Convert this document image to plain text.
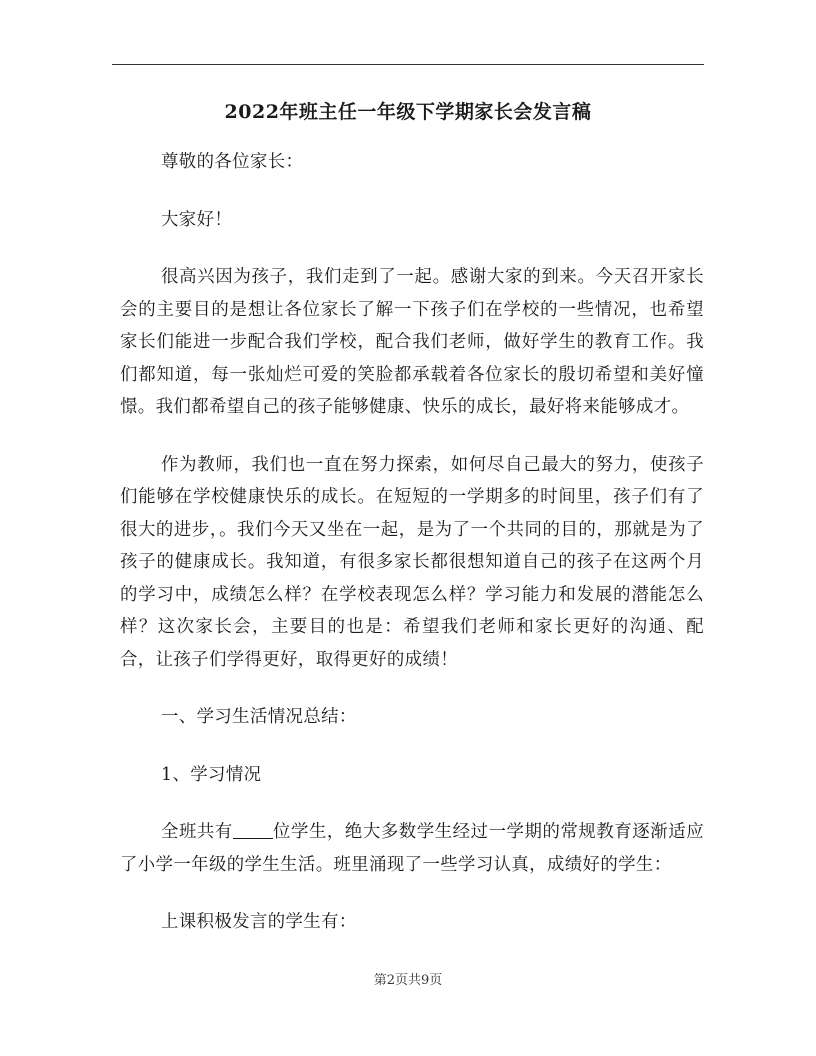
2022年班主任一年级下学期家长会发言稿

尊敬的各位家长：

大家好！

很高兴因为孩子，我们走到了一起。感谢大家的到来。今天召开家长会的主要目的是想让各位家长了解一下孩子们在学校的一些情况，也希望家长们能进一步配合我们学校，配合我们老师，做好学生的教育工作。我们都知道，每一张灿烂可爱的笑脸都承载着各位家长的殷切希望和美好憧憬。我们都希望自己的孩子能够健康、快乐的成长，最好将来能够成才。

作为教师，我们也一直在努力探索，如何尽自己最大的努力，使孩子们能够在学校健康快乐的成长。在短短的一学期多的时间里，孩子们有了很大的进步，。我们今天又坐在一起，是为了一个共同的目的，那就是为了孩子的健康成长。我知道，有很多家长都很想知道自己的孩子在这两个月的学习中，成绩怎么样？在学校表现怎么样？学习能力和发展的潜能怎么样？这次家长会，主要目的也是：希望我们老师和家长更好的沟通、配合，让孩子们学得更好，取得更好的成绩！

一、学习生活情况总结：

1、学习情况

全班共有 位学生，绝大多数学生经过一学期的常规教育逐渐适应了小学一年级的学生生活。班里涌现了一些学习认真，成绩好的学生：

上课积极发言的学生有：

第2页共9页
